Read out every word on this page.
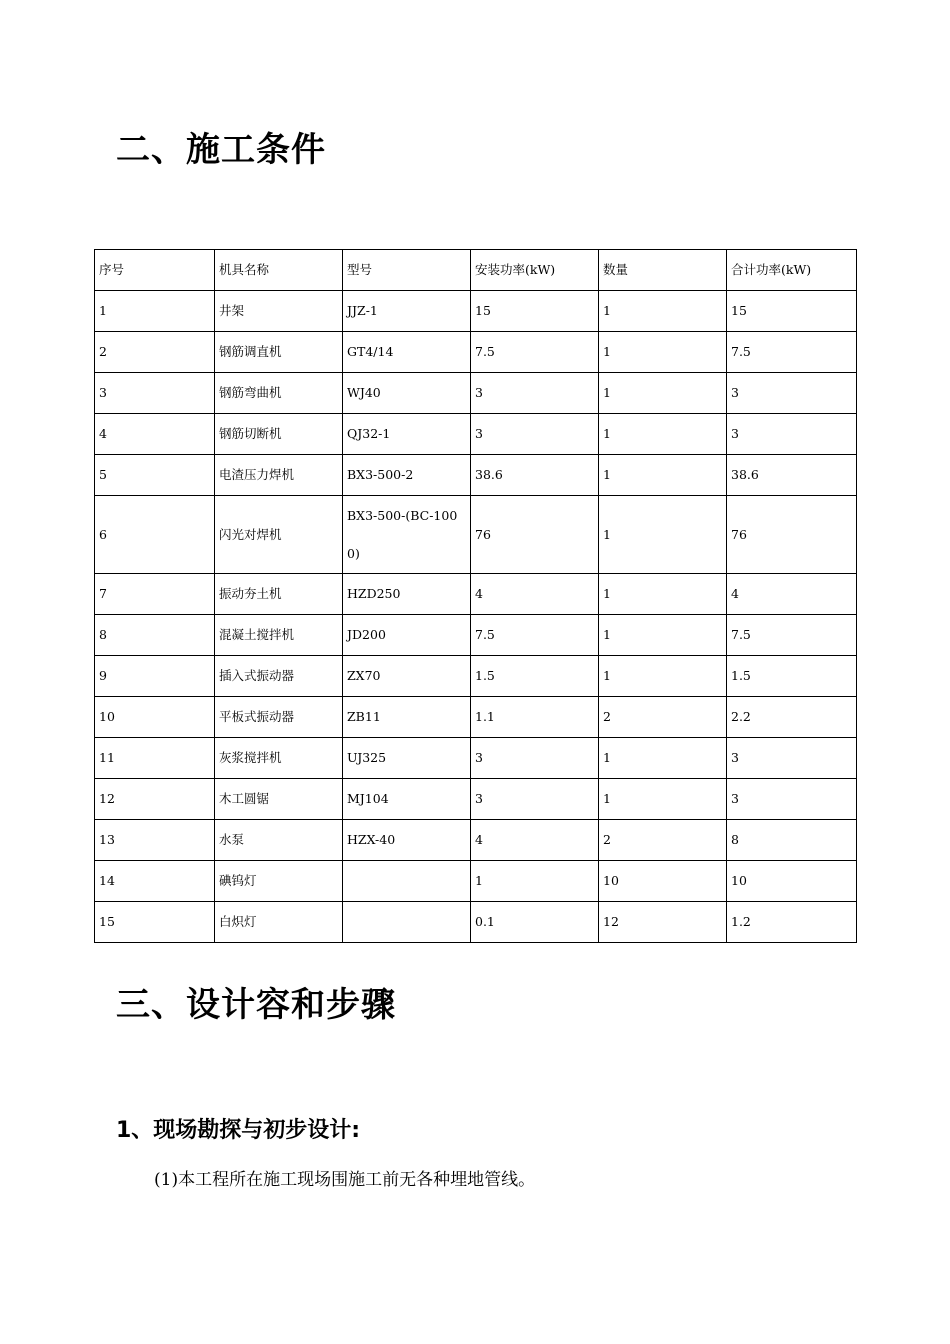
二、施工条件
序号	机具名称	型号	安装功率(kW)	数量	合计功率(kW)
1	井架	JJZ-1	15	1	15
2	钢筋调直机	GT4/14	7.5	1	7.5
3	钢筋弯曲机	WJ40	3	1	3
4	钢筋切断机	QJ32-1	3	1	3
5	电渣压力焊机	BX3-500-2	38.6	1	38.6
6	闪光对焊机	BX3-500-(BC-1000)	76	1	76
7	振动夯土机	HZD250	4	1	4
8	混凝土搅拌机	JD200	7.5	1	7.5
9	插入式振动器	ZX70	1.5	1	1.5
10	平板式振动器	ZB11	1.1	2	2.2
11	灰浆搅拌机	UJ325	3	1	3
12	木工圆锯	MJ104	3	1	3
13	水泵	HZX-40	4	2	8
14	碘钨灯		1	10	10
15	白炽灯		0.1	12	1.2
三、设计容和步骤
1、现场勘探与初步设计:

(1)本工程所在施工现场围施工前无各种埋地管线。
